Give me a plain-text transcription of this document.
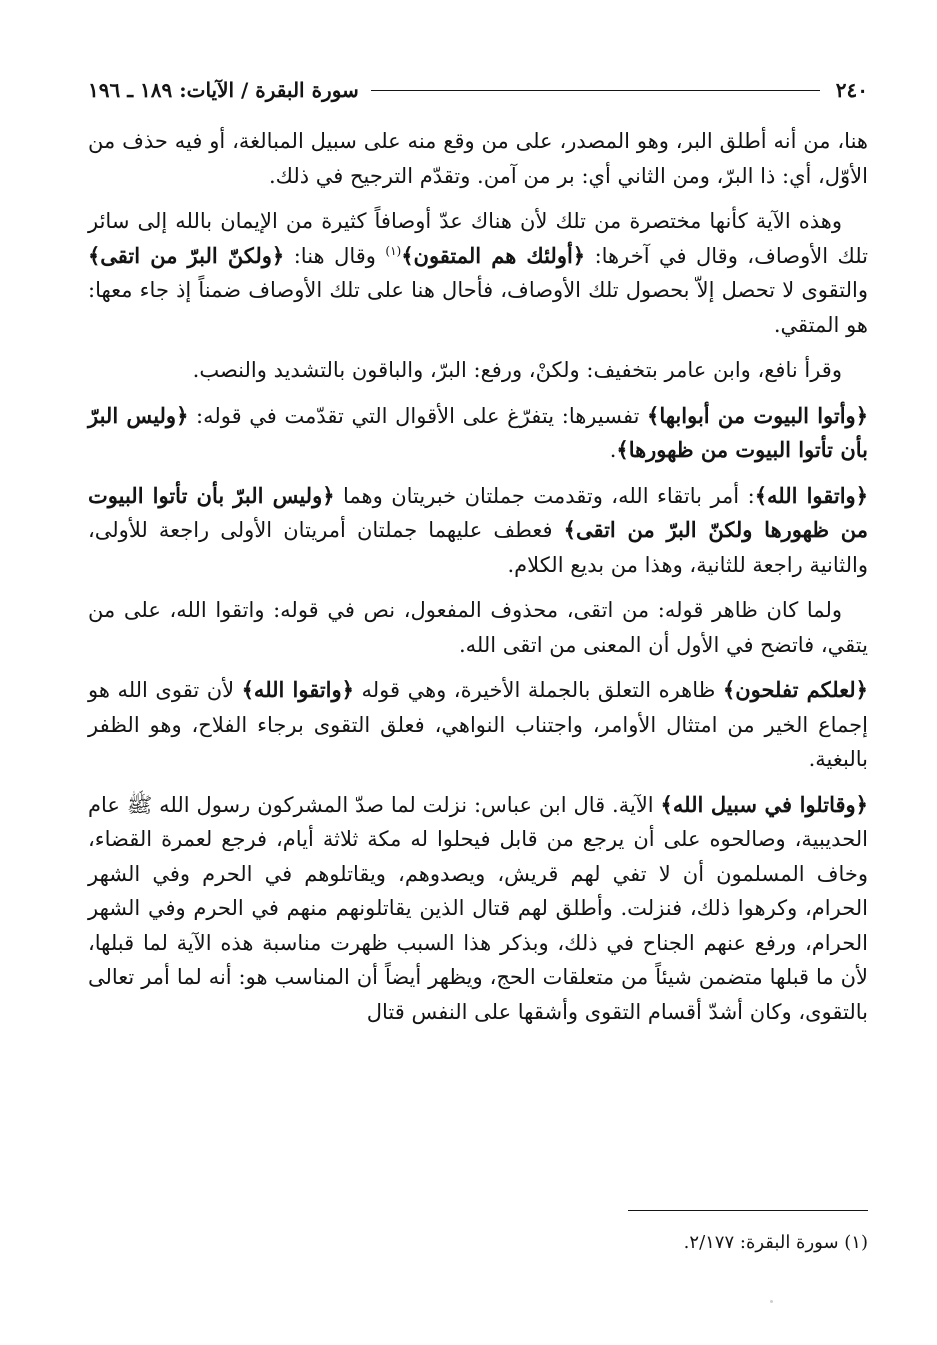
٢٤٠
سورة البقرة / الآيات: ١٨٩ ـ ١٩٦

هنا، من أنه أطلق البر، وهو المصدر، على من وقع منه على سبيل المبالغة، أو فيه حذف من الأوّل، أي: ذا البرّ، ومن الثاني أي: بر من آمن. وتقدّم الترجيح في ذلك.

وهذه الآية كأنها مختصرة من تلك لأن هناك عدّ أوصافاً كثيرة من الإيمان بالله إلى سائر تلك الأوصاف، وقال في آخرها: ﴿أولئك هم المتقون﴾$^{(١)}$ وقال هنا: ﴿ولكنّ البرّ من اتقى﴾ والتقوى لا تحصل إلاّ بحصول تلك الأوصاف، فأحال هنا على تلك الأوصاف ضمناً إذ جاء معها: هو المتقي.

وقرأ نافع، وابن عامر بتخفيف: ولكنْ، ورفع: البرّ، والباقون بالتشديد والنصب.

﴿وأتوا البيوت من أبوابها﴾ تفسيرها: يتفرّغ على الأقوال التي تقدّمت في قوله: ﴿وليس البرّ بأن تأتوا البيوت من ظهورها﴾.

﴿واتقوا الله﴾: أمر باتقاء الله، وتقدمت جملتان خبريتان وهما ﴿وليس البرّ بأن تأتوا البيوت من ظهورها ولكنّ البرّ من اتقى﴾ فعطف عليهما جملتان أمريتان الأولى راجعة للأولى، والثانية راجعة للثانية، وهذا من بديع الكلام.

ولما كان ظاهر قوله: من اتقى، محذوف المفعول، نص في قوله: واتقوا الله، على من يتقي، فاتضح في الأول أن المعنى من اتقى الله.

﴿لعلكم تفلحون﴾ ظاهره التعلق بالجملة الأخيرة، وهي قوله ﴿واتقوا الله﴾ لأن تقوى الله هو إجماع الخير من امتثال الأوامر، واجتناب النواهي، فعلق التقوى برجاء الفلاح، وهو الظفر بالبغية.

﴿وقاتلوا في سبيل الله﴾ الآية. قال ابن عباس: نزلت لما صدّ المشركون رسول الله ﷺ عام الحديبية، وصالحوه على أن يرجع من قابل فيحلوا له مكة ثلاثة أيام، فرجع لعمرة القضاء، وخاف المسلمون أن لا تفي لهم قريش، ويصدوهم، ويقاتلوهم في الحرم وفي الشهر الحرام، وكرهوا ذلك، فنزلت. وأطلق لهم قتال الذين يقاتلونهم منهم في الحرم وفي الشهر الحرام، ورفع عنهم الجناح في ذلك، وبذكر هذا السبب ظهرت مناسبة هذه الآية لما قبلها، لأن ما قبلها متضمن شيئاً من متعلقات الحج، ويظهر أيضاً أن المناسب هو: أنه لما أمر تعالى بالتقوى، وكان أشدّ أقسام التقوى وأشقها على النفس قتال

(١) سورة البقرة: ٢/١٧٧.
